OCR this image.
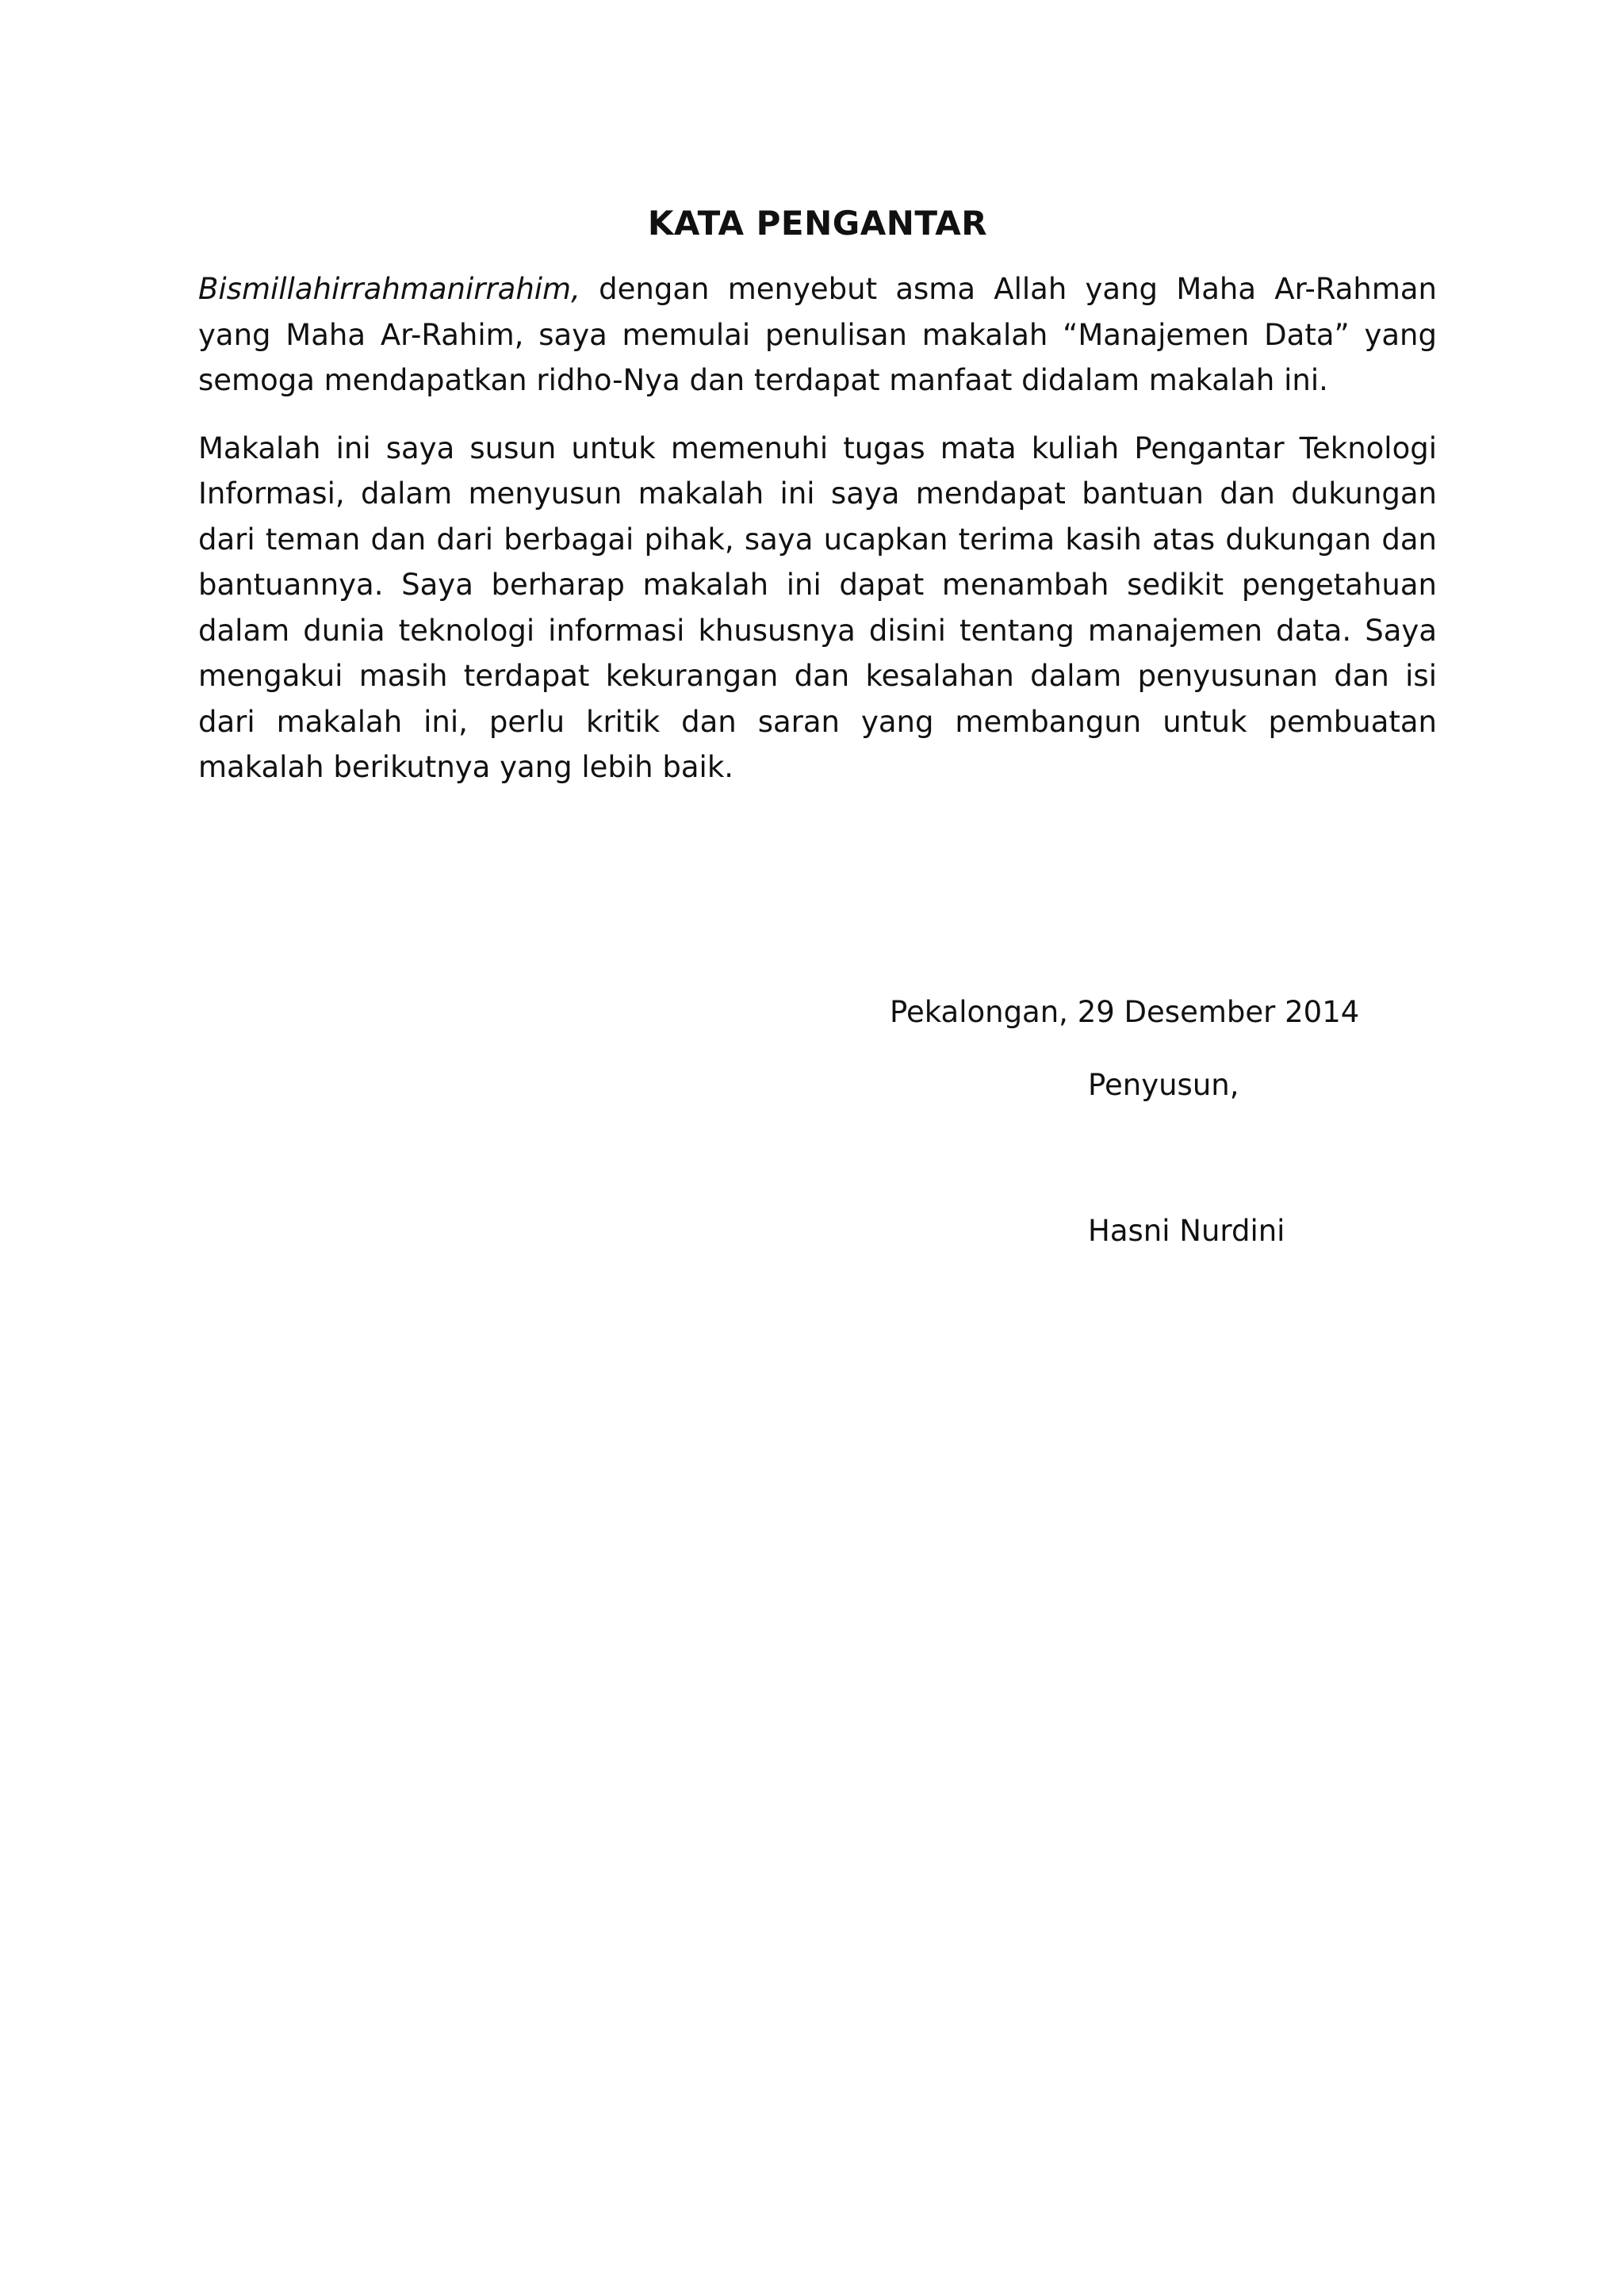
KATA PENGANTAR

Bismillahirrahmanirrahim, dengan menyebut asma Allah yang Maha Ar-Rahman yang Maha Ar-Rahim, saya memulai penulisan makalah “Manajemen Data” yang semoga mendapatkan ridho-Nya dan terdapat manfaat didalam makalah ini.

Makalah ini saya susun untuk memenuhi tugas mata kuliah Pengantar Teknologi Informasi, dalam menyusun makalah ini saya mendapat bantuan dan dukungan dari teman dan dari berbagai pihak, saya ucapkan terima kasih atas dukungan dan bantuannya. Saya berharap makalah ini dapat menambah sedikit pengetahuan dalam dunia teknologi informasi khususnya disini tentang manajemen data. Saya mengakui masih terdapat kekurangan dan kesalahan dalam penyusunan dan isi dari makalah ini, perlu kritik dan saran yang membangun untuk pembuatan makalah berikutnya yang lebih baik.

Pekalongan, 29 Desember 2014
Penyusun,
Hasni Nurdini
